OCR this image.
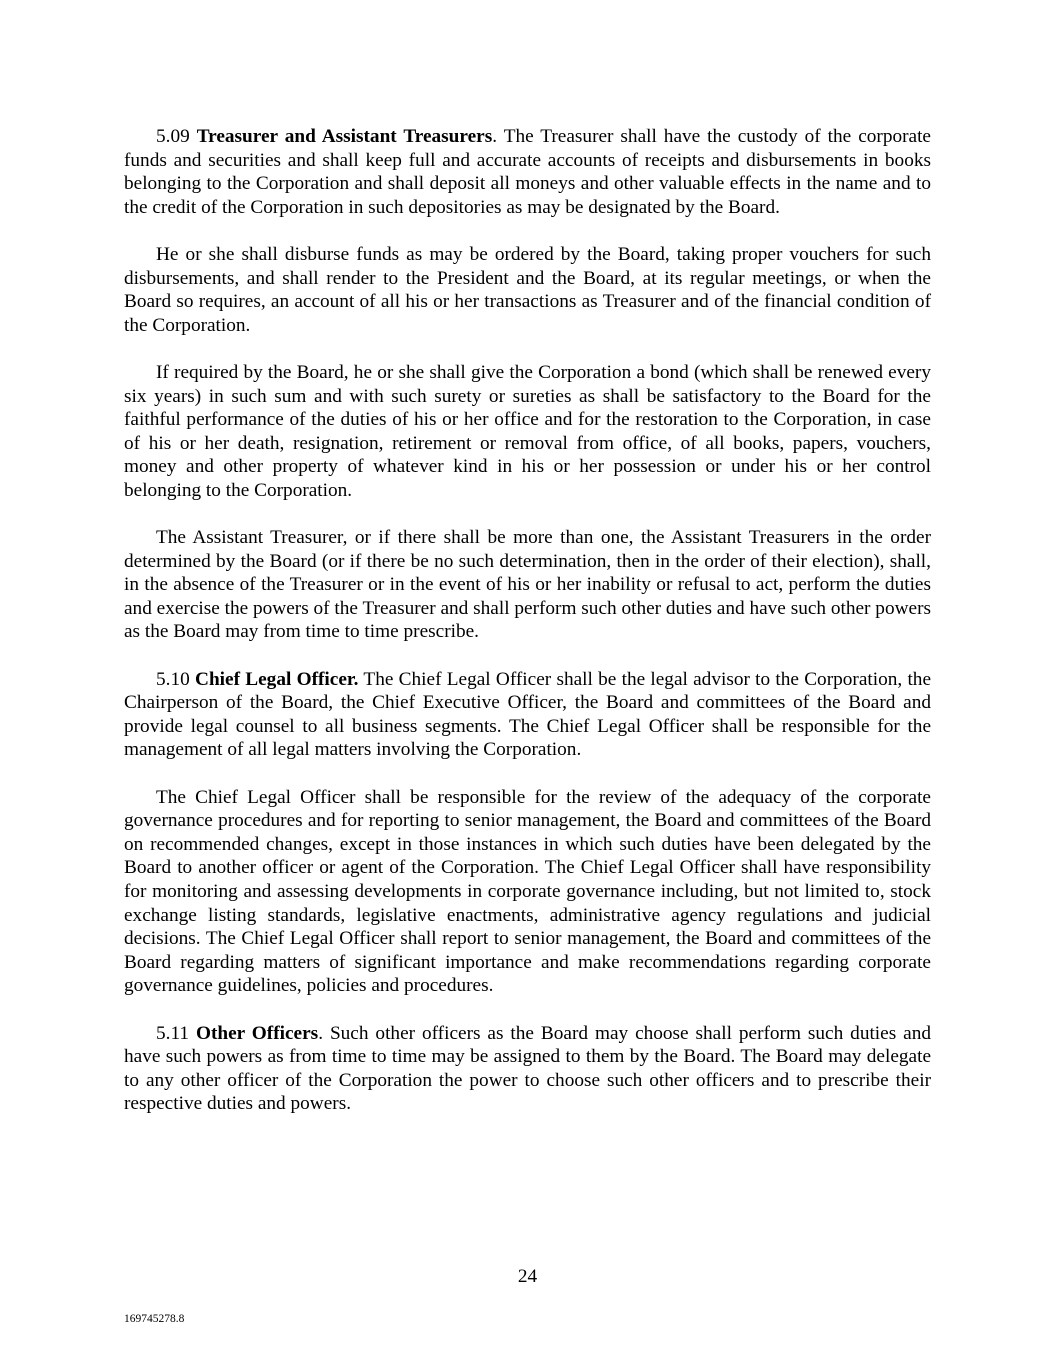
5.09 Treasurer and Assistant Treasurers. The Treasurer shall have the custody of the corporate funds and securities and shall keep full and accurate accounts of receipts and disbursements in books belonging to the Corporation and shall deposit all moneys and other valuable effects in the name and to the credit of the Corporation in such depositories as may be designated by the Board.

He or she shall disburse funds as may be ordered by the Board, taking proper vouchers for such disbursements, and shall render to the President and the Board, at its regular meetings, or when the Board so requires, an account of all his or her transactions as Treasurer and of the financial condition of the Corporation.

If required by the Board, he or she shall give the Corporation a bond (which shall be renewed every six years) in such sum and with such surety or sureties as shall be satisfactory to the Board for the faithful performance of the duties of his or her office and for the restoration to the Corporation, in case of his or her death, resignation, retirement or removal from office, of all books, papers, vouchers, money and other property of whatever kind in his or her possession or under his or her control belonging to the Corporation.

The Assistant Treasurer, or if there shall be more than one, the Assistant Treasurers in the order determined by the Board (or if there be no such determination, then in the order of their election), shall, in the absence of the Treasurer or in the event of his or her inability or refusal to act, perform the duties and exercise the powers of the Treasurer and shall perform such other duties and have such other powers as the Board may from time to time prescribe.

5.10 Chief Legal Officer. The Chief Legal Officer shall be the legal advisor to the Corporation, the Chairperson of the Board, the Chief Executive Officer, the Board and committees of the Board and provide legal counsel to all business segments. The Chief Legal Officer shall be responsible for the management of all legal matters involving the Corporation.

The Chief Legal Officer shall be responsible for the review of the adequacy of the corporate governance procedures and for reporting to senior management, the Board and committees of the Board on recommended changes, except in those instances in which such duties have been delegated by the Board to another officer or agent of the Corporation. The Chief Legal Officer shall have responsibility for monitoring and assessing developments in corporate governance including, but not limited to, stock exchange listing standards, legislative enactments, administrative agency regulations and judicial decisions. The Chief Legal Officer shall report to senior management, the Board and committees of the Board regarding matters of significant importance and make recommendations regarding corporate governance guidelines, policies and procedures.

5.11 Other Officers. Such other officers as the Board may choose shall perform such duties and have such powers as from time to time may be assigned to them by the Board. The Board may delegate to any other officer of the Corporation the power to choose such other officers and to prescribe their respective duties and powers.

24
169745278.8
